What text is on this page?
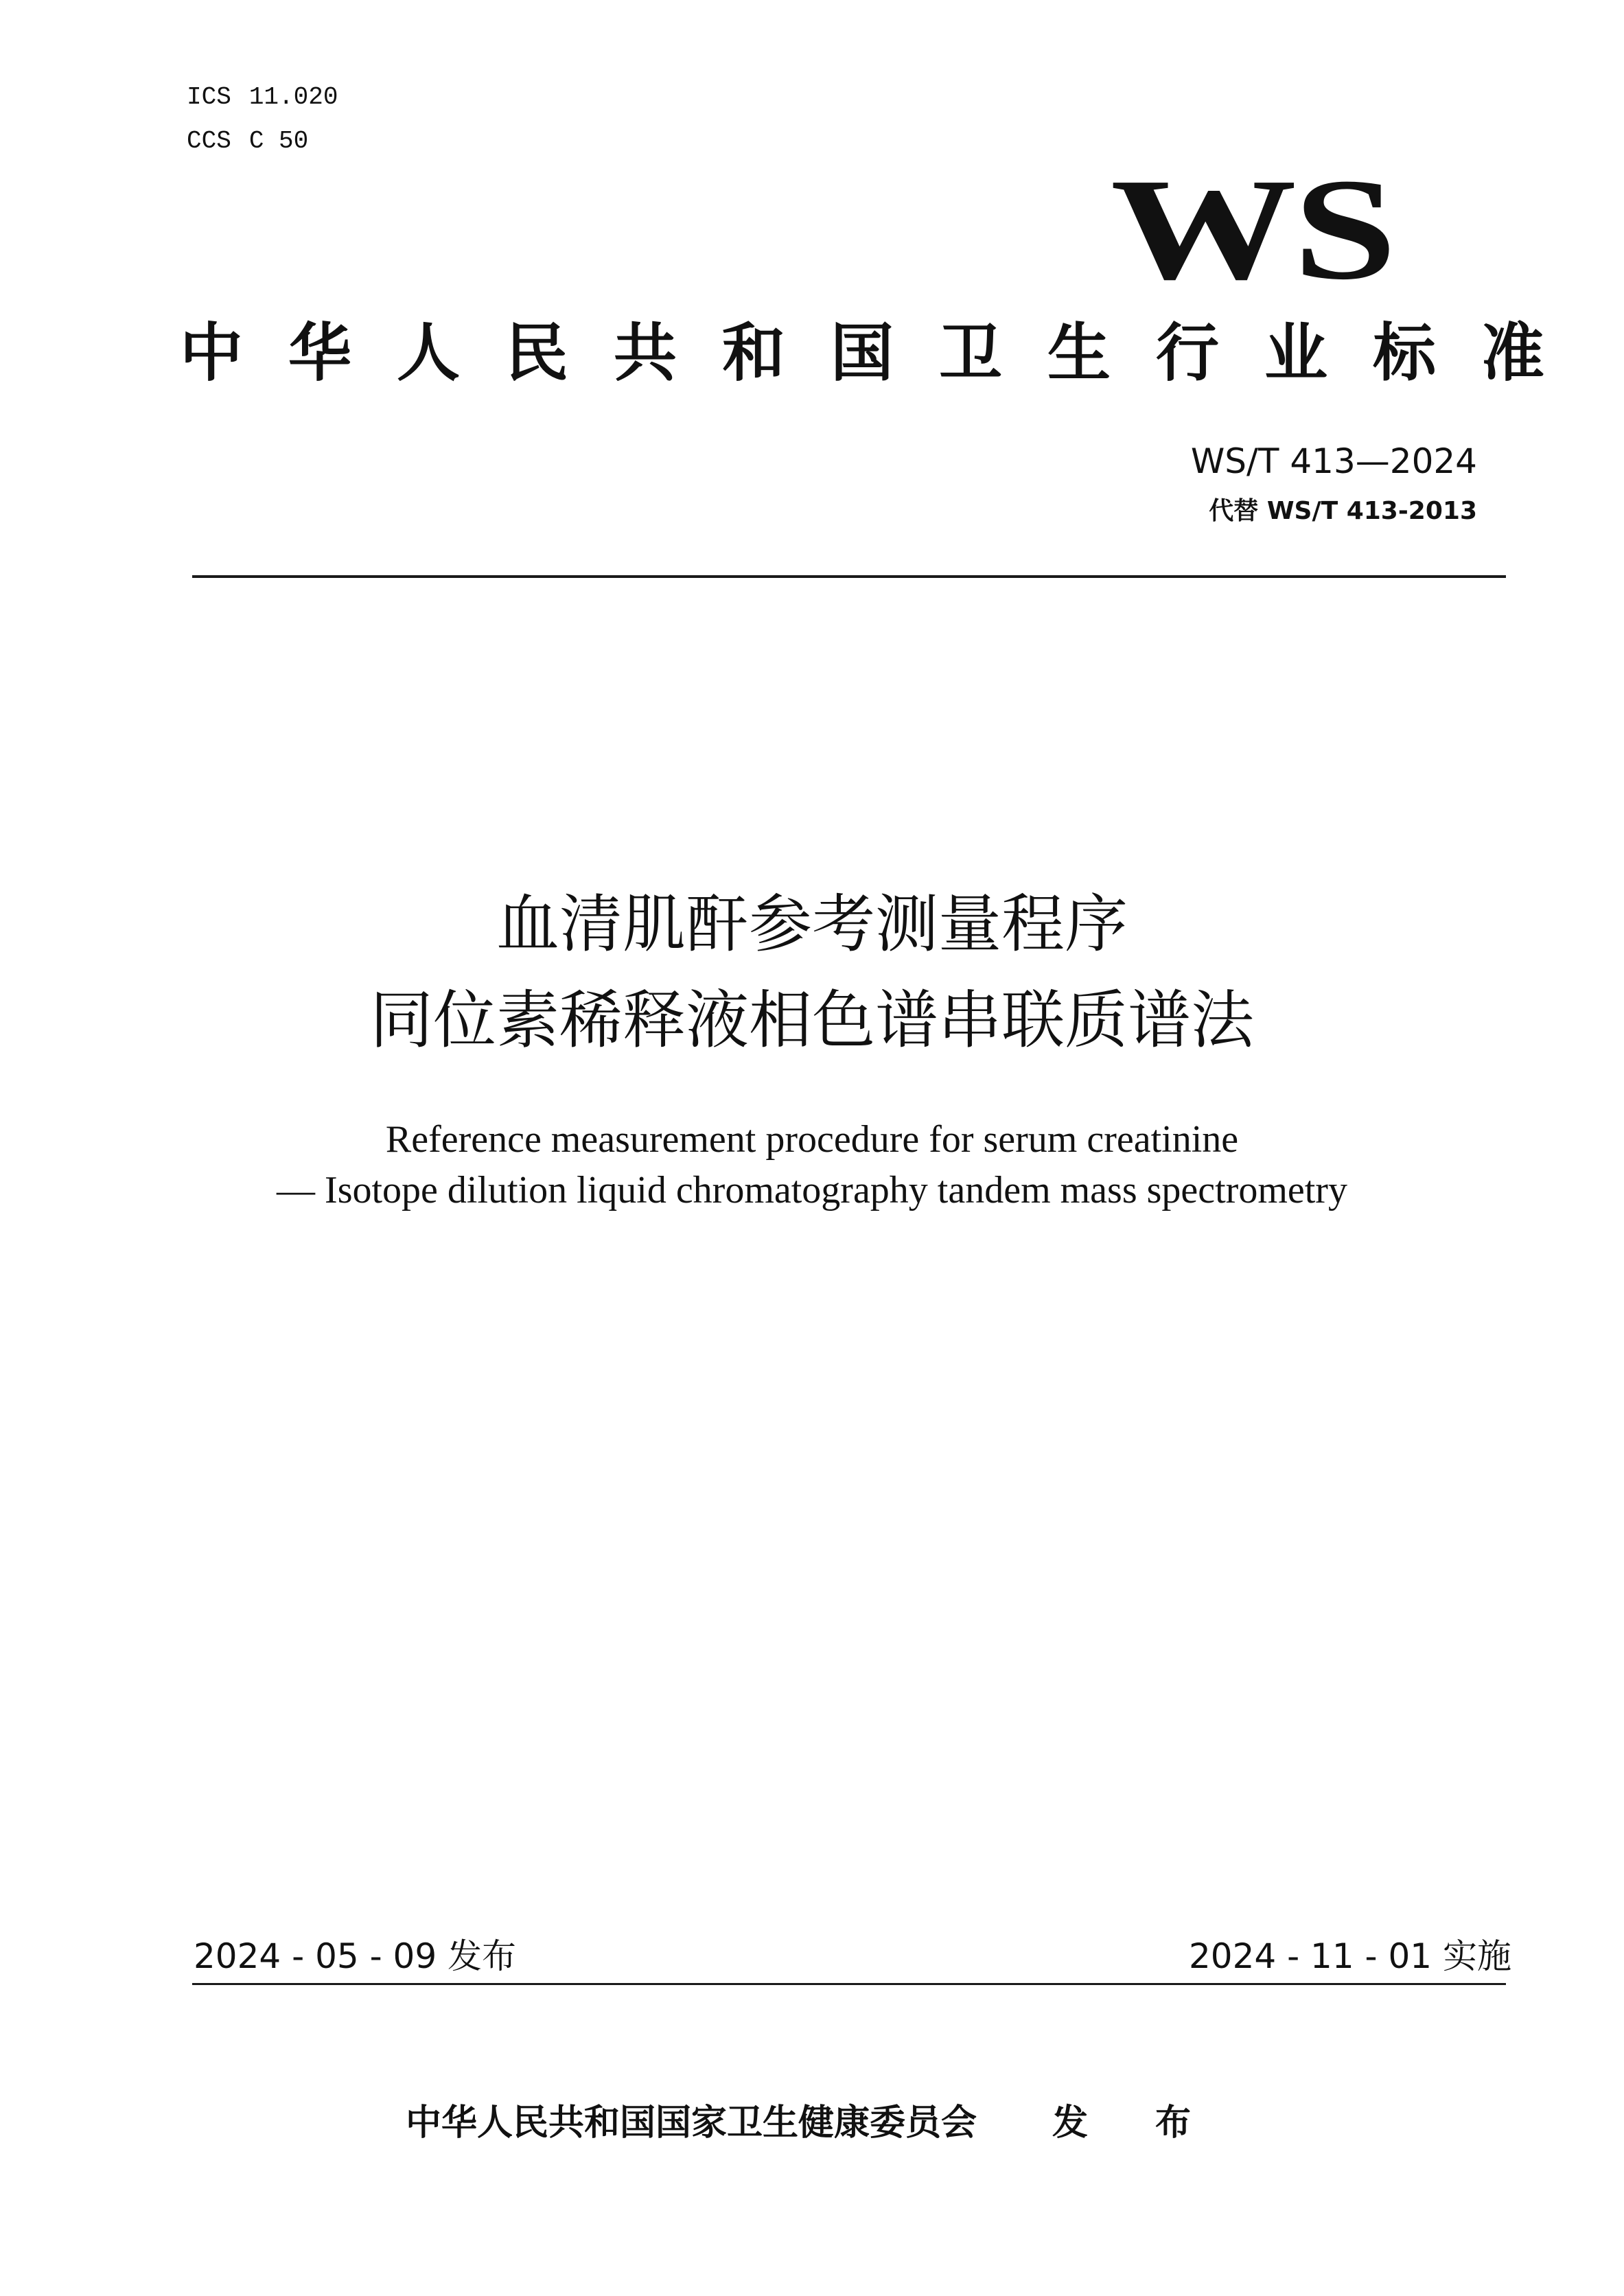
ICS 11.020
CCS C 50
WS
中华人民共和国卫生行业标准
WS/T 413—2024
代替 WS/T 413-2013
血清肌酐参考测量程序
同位素稀释液相色谱串联质谱法
Reference measurement procedure for serum creatinine
— Isotope dilution liquid chromatography tandem mass spectrometry
2024 - 05 - 09 发布	2024 - 11 - 01 实施
中华人民共和国国家卫生健康委员会 发 布
